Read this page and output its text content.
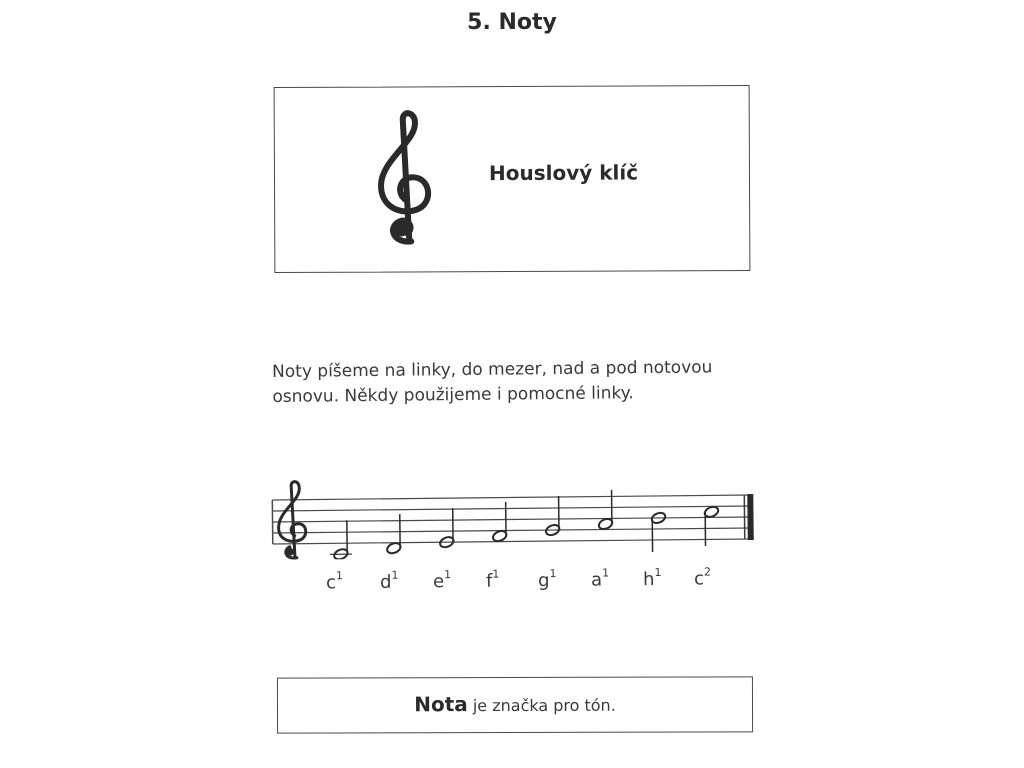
5. Noty
Houslový klíč
Noty píšeme na linky, do mezer, nad a pod notovou
osnovu. Někdy použijeme i pomocné linky.
$c^1$ $d^1$ $e^1$ $f^1$ $g^1$ $a^1$ $h^1$ $c^2$
Nota je značka pro tón.
